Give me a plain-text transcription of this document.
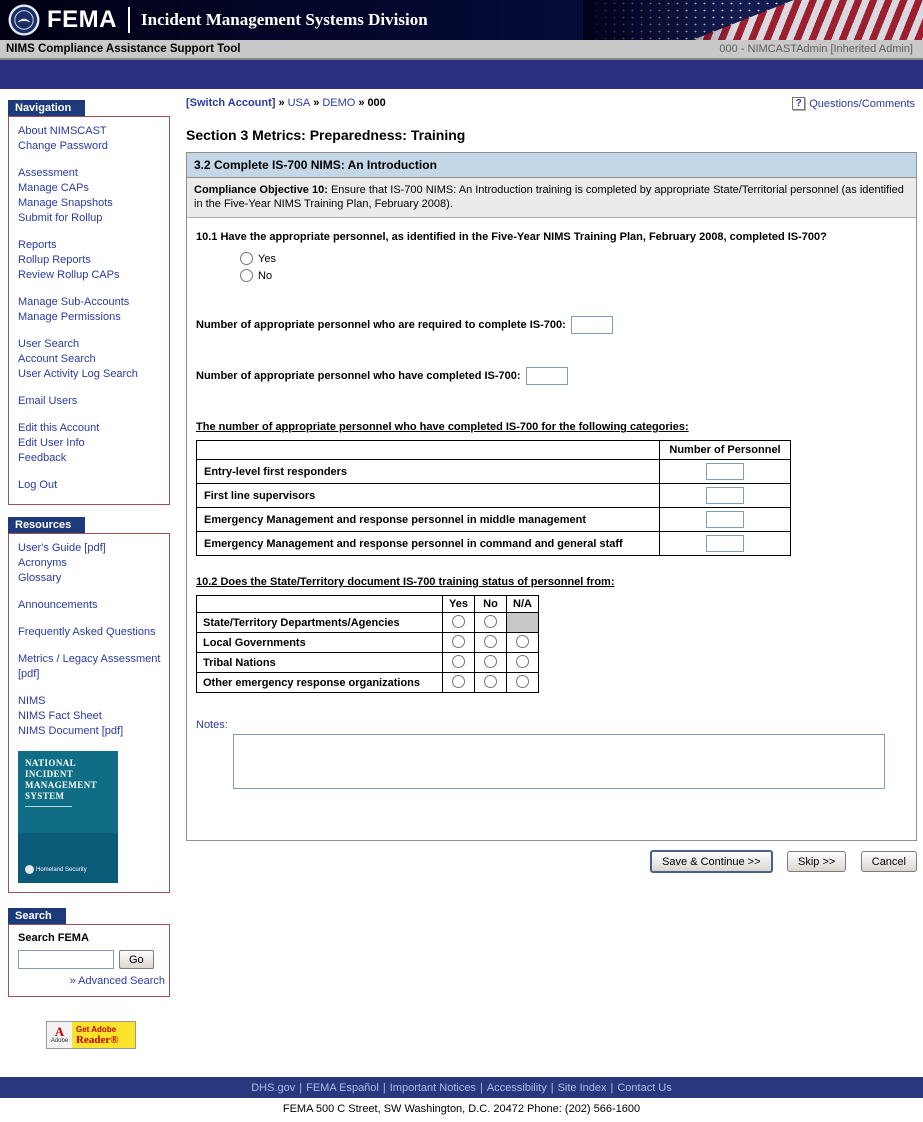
FEMA Incident Management Systems Division
NIMS Compliance Assistance Support Tool	000 - NIMCASTAdmin [Inherited Admin]
Navigation
About NIMSCAST
Change Password
Assessment
Manage CAPs
Manage Snapshots
Submit for Rollup
Reports
Rollup Reports
Review Rollup CAPs
Manage Sub-Accounts
Manage Permissions
User Search
Account Search
User Activity Log Search
Email Users
Edit this Account
Edit User Info
Feedback
Log Out
Resources
User's Guide [pdf]
Acronyms
Glossary
Announcements
Frequently Asked Questions
Metrics / Legacy Assessment [pdf]
NIMS
NIMS Fact Sheet
NIMS Document [pdf]
NATIONAL INCIDENT MANAGEMENT SYSTEM
Homeland Security
Search
Search FEMA
Go
» Advanced Search
A
Adobe
Get Adobe
Reader®
[Switch Account] » USA » DEMO » 000	? Questions/Comments
Section 3 Metrics: Preparedness: Training
3.2 Complete IS-700 NIMS: An Introduction
Compliance Objective 10: Ensure that IS-700 NIMS: An Introduction training is completed by appropriate State/Territorial personnel (as identified in the Five-Year NIMS Training Plan, February 2008).
10.1 Have the appropriate personnel, as identified in the Five-Year NIMS Training Plan, February 2008, completed IS-700?
Yes
No
Number of appropriate personnel who are required to complete IS-700:
Number of appropriate personnel who have completed IS-700:
The number of appropriate personnel who have completed IS-700 for the following categories:
	Number of Personnel
Entry-level first responders	
First line supervisors	
Emergency Management and response personnel in middle management	
Emergency Management and response personnel in command and general staff	
10.2 Does the State/Territory document IS-700 training status of personnel from:
	Yes	No	N/A
State/Territory Departments/Agencies			
Local Governments			
Tribal Nations			
Other emergency response organizations			
Notes:
Save & Continue >>	Skip >>	Cancel
DHS.gov | FEMA Español | Important Notices | Accessibility | Site Index | Contact Us
FEMA 500 C Street, SW Washington, D.C. 20472 Phone: (202) 566-1600
